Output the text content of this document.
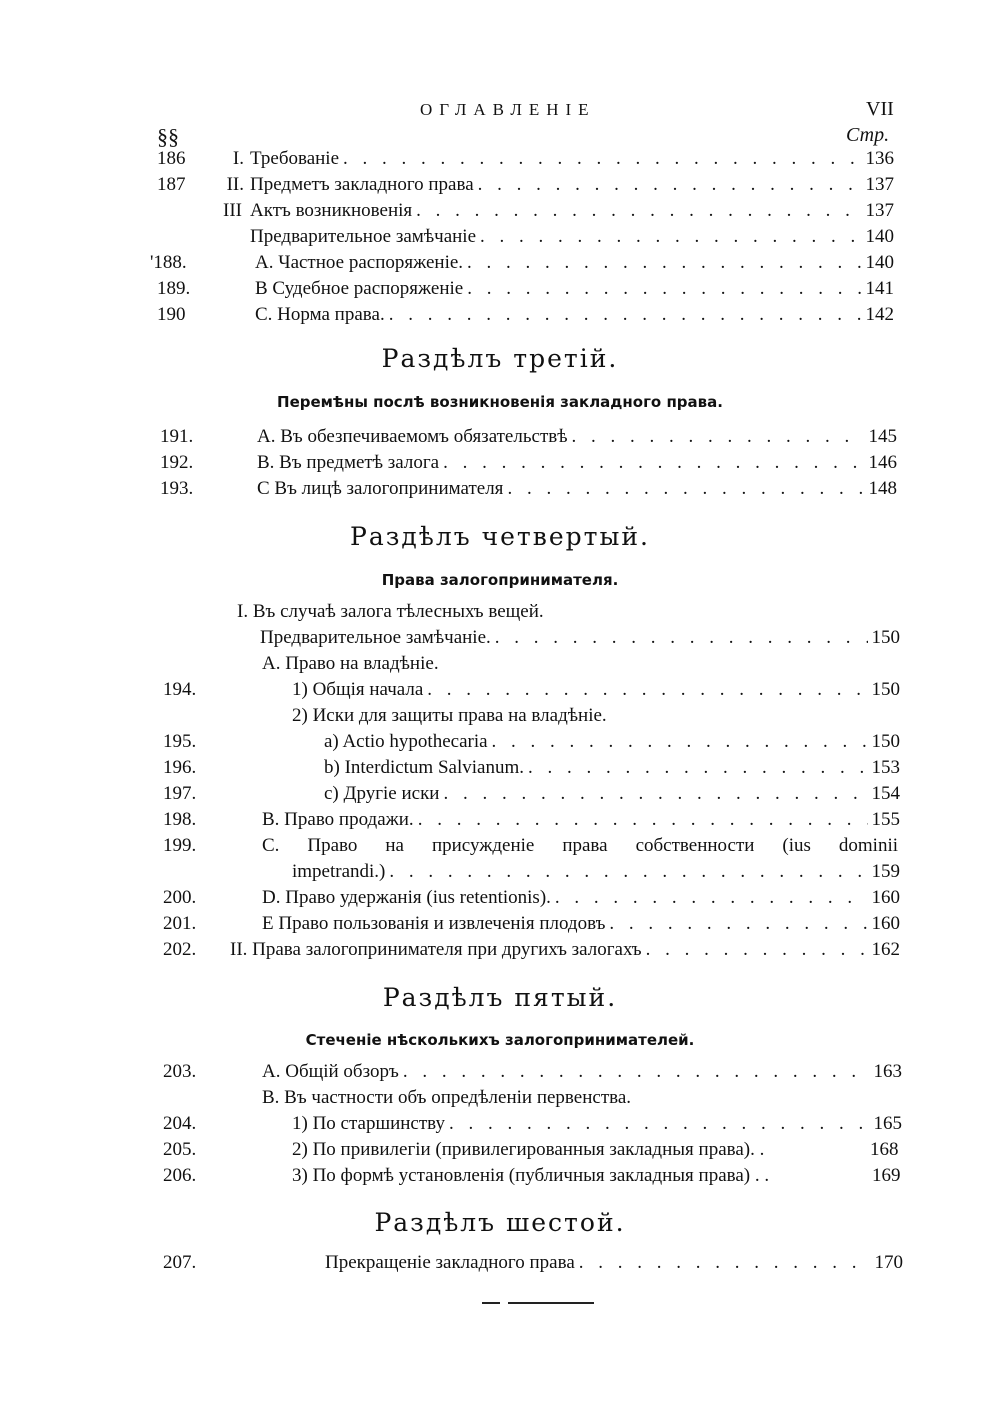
ОГЛАВЛЕНІЕ	VII
§§	Стр.
186	I. Требованіе . . .	136
187	II. Предметъ закладного права . . .	137
III Актъ возникновенія . . .	137
Предварительное замѣчаніе . . .	140
'188.	A. Частное распоряженіе. . . .	140
189.	В Судебное распоряженіе . . .	141
190	С. Норма права. . . .	142
Раздѣлъ третій.
Перемѣны послѣ возникновенія закладного права.
191.	A. Въ обезпечиваемомъ обязательствѣ . . .	145
192.	B. Въ предметѣ залога . . .	146
193.	С Въ лицѣ залогопринимателя . . .	148
Раздѣлъ четвертый.
Права залогопринимателя.
I. Въ случаѣ залога тѣлесныхъ вещей.
Предварительное замѣчаніе. . . .	150
A. Право на владѣніе.
194.	1) Общія начала . . .	150
2) Иски для защиты права на владѣніе.
195.	a) Actio hypothecaria . . .	150
196.	b) Interdictum Salvianum. . . .	153
197.	c) Другіе иски . . .	154
198.	B. Право продажи. . . .	155
199.	С. Право на присужденіе права собственности (ius dominii
impetrandi.) . . .	159
200.	D. Право удержанія (ius retentionis). . . .	160
201.	Е Право пользованія и извлеченія плодовъ . . .	160
202. II. Права залогопринимателя при другихъ залогахъ . . .	162
Раздѣлъ пятый.
Стеченіе нѣсколькихъ залогопринимателей.
203.	A. Общій обзоръ . . .	163
B. Въ частности объ опредѣленіи первенства.
204.	1) По старшинству . . .	165
205.	2) По привилегіи (привилегированныя закладныя права). .	168
206.	3) По формѣ установленія (публичныя закладныя права) . .	169
Раздѣлъ шестой.
207.	Прекращеніе закладного права . . .	170
